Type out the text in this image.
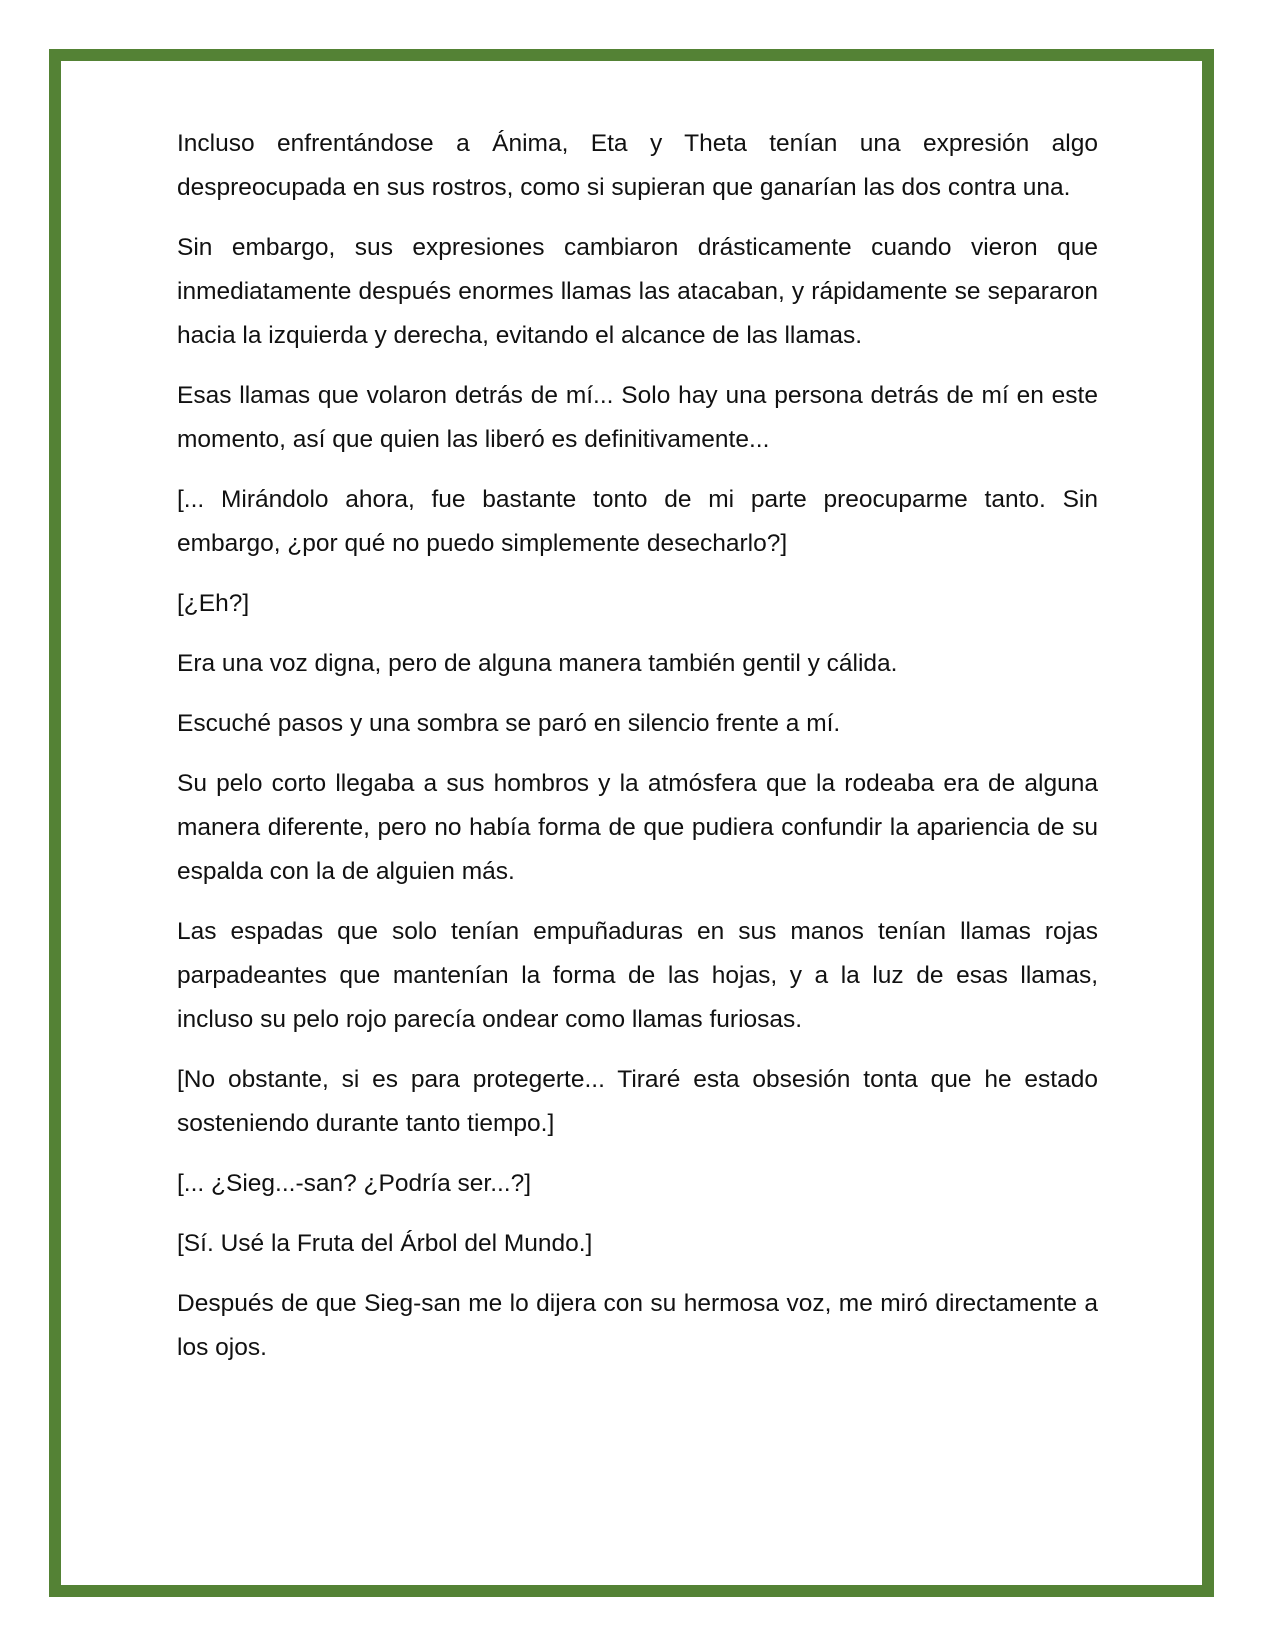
Incluso enfrentándose a Ánima, Eta y Theta tenían una expresión algo despreocupada en sus rostros, como si supieran que ganarían las dos contra una.

Sin embargo, sus expresiones cambiaron drásticamente cuando vieron que inmediatamente después enormes llamas las atacaban, y rápidamente se separaron hacia la izquierda y derecha, evitando el alcance de las llamas.

Esas llamas que volaron detrás de mí... Solo hay una persona detrás de mí en este momento, así que quien las liberó es definitivamente...

[... Mirándolo ahora, fue bastante tonto de mi parte preocuparme tanto. Sin embargo, ¿por qué no puedo simplemente desecharlo?]

[¿Eh?]

Era una voz digna, pero de alguna manera también gentil y cálida.

Escuché pasos y una sombra se paró en silencio frente a mí.

Su pelo corto llegaba a sus hombros y la atmósfera que la rodeaba era de alguna manera diferente, pero no había forma de que pudiera confundir la apariencia de su espalda con la de alguien más.

Las espadas que solo tenían empuñaduras en sus manos tenían llamas rojas parpadeantes que mantenían la forma de las hojas, y a la luz de esas llamas, incluso su pelo rojo parecía ondear como llamas furiosas.

[No obstante, si es para protegerte... Tiraré esta obsesión tonta que he estado sosteniendo durante tanto tiempo.]

[... ¿Sieg...-san? ¿Podría ser...?]

[Sí. Usé la Fruta del Árbol del Mundo.]

Después de que Sieg-san me lo dijera con su hermosa voz, me miró directamente a los ojos.
